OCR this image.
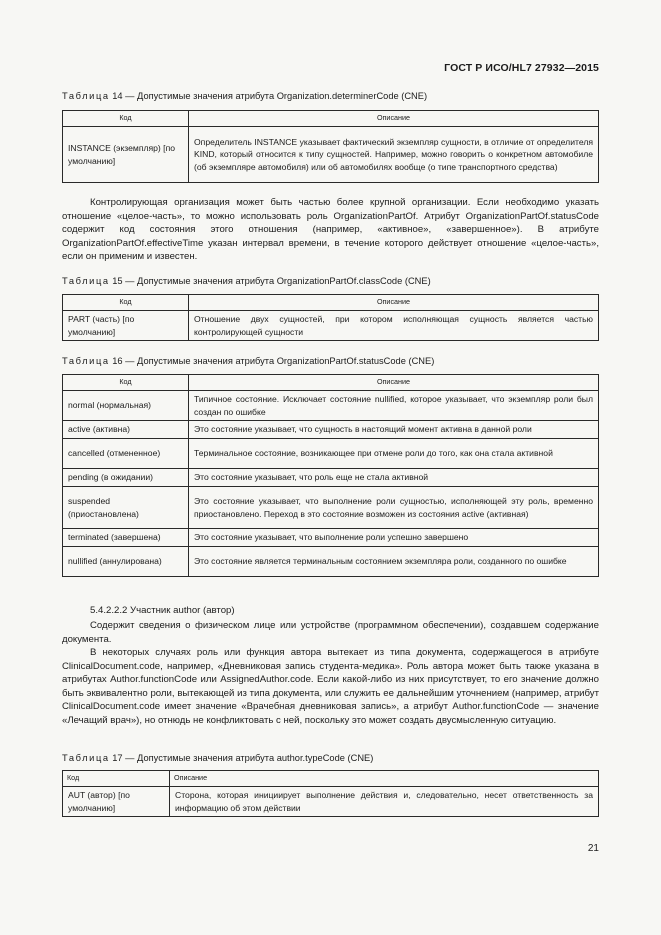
ГОСТ Р ИСО/HL7 27932—2015
Таблица 14 — Допустимые значения атрибута Organization.determinerCode (CNE)
Код	Описание
INSTANCE (экземпляр) [по умолчанию]	Определитель INSTANCE указывает фактический экземпляр сущности, в отличие от определителя KIND, который относится к типу сущностей. Например, можно говорить о конкретном автомобиле (об экземпляре автомобиля) или об автомобилях вообще (о типе транспортного средства)

Контролирующая организация может быть частью более крупной организации. Если необходимо указать отношение «целое-часть», то можно использовать роль OrganizationPartOf. Атрибут OrganizationPartOf.statusCode содержит код состояния этого отношения (например, «активное», «завершенное»). В атрибуте OrganizationPartOf.effectiveTime указан интервал времени, в течение которого действует отношение «целое-часть», если он применим и известен.

Таблица 15 — Допустимые значения атрибута OrganizationPartOf.classCode (CNE)
Код	Описание
PART (часть) [по умолчанию]	Отношение двух сущностей, при котором исполняющая сущность является частью контролирующей сущности
Таблица 16 — Допустимые значения атрибута OrganizationPartOf.statusCode (CNE)
Код	Описание
normal (нормальная)	Типичное состояние. Исключает состояние nullified, которое указывает, что экземпляр роли был создан по ошибке
active (активна)	Это состояние указывает, что сущность в настоящий момент активна в данной роли
cancelled (отмененное)	Терминальное состояние, возникающее при отмене роли до того, как она стала активной
pending (в ожидании)	Это состояние указывает, что роль еще не стала активной
suspended (приостановлена)	Это состояние указывает, что выполнение роли сущностью, исполняющей эту роль, временно приостановлено. Переход в это состояние возможен из состояния active (активная)
terminated (завершена)	Это состояние указывает, что выполнение роли успешно завершено
nullified (аннулирована)	Это состояние является терминальным состоянием экземпляра роли, созданного по ошибке
5.4.2.2.2 Участник author (автор)

Содержит сведения о физическом лице или устройстве (программном обеспечении), создавшем содержание документа.

В некоторых случаях роль или функция автора вытекает из типа документа, содержащегося в атрибуте ClinicalDocument.code, например, «Дневниковая запись студента-медика». Роль автора может быть также указана в атрибутах Author.functionCode или AssignedAuthor.code. Если какой-либо из них присутствует, то его значение должно быть эквивалентно роли, вытекающей из типа документа, или служить ее дальнейшим уточнением (например, атрибут ClinicalDocument.code имеет значение «Врачебная дневниковая запись», а атрибут Author.functionCode — значение «Лечащий врач»), но отнюдь не конфликтовать с ней, поскольку это может создать двусмысленную ситуацию.

Таблица 17 — Допустимые значения атрибута author.typeCode (CNE)
Код	Описание
AUT (автор) [по умолчанию]	Сторона, которая инициирует выполнение действия и, следовательно, несет ответственность за информацию об этом действии
21
